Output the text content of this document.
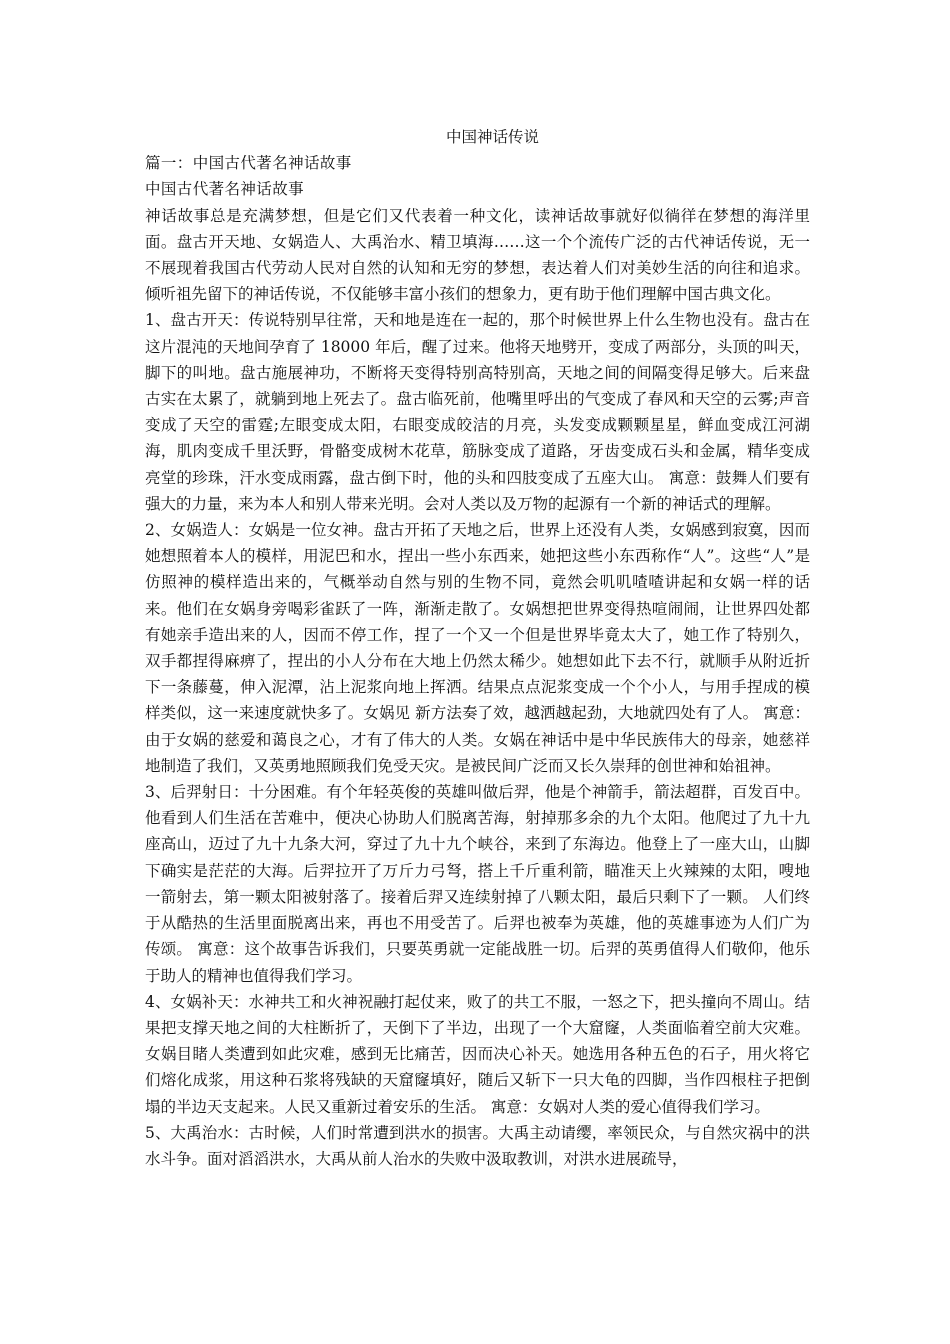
中国神话传说

篇一：中国古代著名神话故事

中国古代著名神话故事

神话故事总是充满梦想，但是它们又代表着一种文化，读神话故事就好似徜徉在梦想的海洋里面。盘古开天地、女娲造人、大禹治水、精卫填海……这一个个流传广泛的古代神话传说，无一不展现着我国古代劳动人民对自然的认知和无穷的梦想，表达着人们对美妙生活的向往和追求。倾听祖先留下的神话传说，不仅能够丰富小孩们的想象力，更有助于他们理解中国古典文化。

1、盘古开天：传说特别早往常，天和地是连在一起的，那个时候世界上什么生物也没有。盘古在这片混沌的天地间孕育了 18000 年后，醒了过来。他将天地劈开，变成了两部分，头顶的叫天，脚下的叫地。盘古施展神功，不断将天变得特别高特别高，天地之间的间隔变得足够大。后来盘古实在太累了，就躺到地上死去了。盘古临死前，他嘴里呼出的气变成了春风和天空的云雾;声音变成了天空的雷霆;左眼变成太阳，右眼变成皎洁的月亮，头发变成颗颗星星，鲜血变成江河湖海，肌肉变成千里沃野，骨骼变成树木花草，筋脉变成了道路，牙齿变成石头和金属，精华变成亮堂的珍珠，汗水变成雨露，盘古倒下时，他的头和四肢变成了五座大山。 寓意：鼓舞人们要有强大的力量，来为本人和别人带来光明。会对人类以及万物的起源有一个新的神话式的理解。

2、女娲造人：女娲是一位女神。盘古开拓了天地之后，世界上还没有人类，女娲感到寂寞，因而她想照着本人的模样，用泥巴和水，捏出一些小东西来，她把这些小东西称作“人”。这些“人”是仿照神的模样造出来的，气概举动自然与别的生物不同，竟然会叽叽喳喳讲起和女娲一样的话来。他们在女娲身旁喝彩雀跃了一阵，渐渐走散了。女娲想把世界变得热喧闹闹，让世界四处都有她亲手造出来的人，因而不停工作，捏了一个又一个但是世界毕竟太大了，她工作了特别久，双手都捏得麻痹了，捏出的小人分布在大地上仍然太稀少。她想如此下去不行，就顺手从附近折下一条藤蔓，伸入泥潭，沾上泥浆向地上挥洒。结果点点泥浆变成一个个小人，与用手捏成的模样类似，这一来速度就快多了。女娲见 新方法奏了效，越洒越起劲，大地就四处有了人。 寓意：由于女娲的慈爱和蔼良之心，才有了伟大的人类。女娲在神话中是中华民族伟大的母亲，她慈祥地制造了我们，又英勇地照顾我们免受天灾。是被民间广泛而又长久崇拜的创世神和始祖神。

3、后羿射日：十分困难。有个年轻英俊的英雄叫做后羿，他是个神箭手，箭法超群，百发百中。他看到人们生活在苦难中，便决心协助人们脱离苦海，射掉那多余的九个太阳。他爬过了九十九座高山，迈过了九十九条大河，穿过了九十九个峡谷，来到了东海边。他登上了一座大山，山脚下确实是茫茫的大海。后羿拉开了万斤力弓弩，搭上千斤重利箭，瞄准天上火辣辣的太阳，嗖地一箭射去，第一颗太阳被射落了。接着后羿又连续射掉了八颗太阳，最后只剩下了一颗。 人们终于从酷热的生活里面脱离出来，再也不用受苦了。后羿也被奉为英雄，他的英雄事迹为人们广为传颂。 寓意：这个故事告诉我们，只要英勇就一定能战胜一切。后羿的英勇值得人们敬仰，他乐于助人的精神也值得我们学习。

4、女娲补天：水神共工和火神祝融打起仗来，败了的共工不服，一怒之下，把头撞向不周山。结果把支撑天地之间的大柱断折了，天倒下了半边，出现了一个大窟窿，人类面临着空前大灾难。女娲目睹人类遭到如此灾难，感到无比痛苦，因而决心补天。她选用各种五色的石子，用火将它们熔化成浆，用这种石浆将残缺的天窟窿填好，随后又斩下一只大龟的四脚，当作四根柱子把倒塌的半边天支起来。人民又重新过着安乐的生活。 寓意：女娲对人类的爱心值得我们学习。

5、大禹治水：古时候，人们时常遭到洪水的损害。大禹主动请缨，率领民众，与自然灾祸中的洪水斗争。面对滔滔洪水，大禹从前人治水的失败中汲取教训，对洪水进展疏导，
